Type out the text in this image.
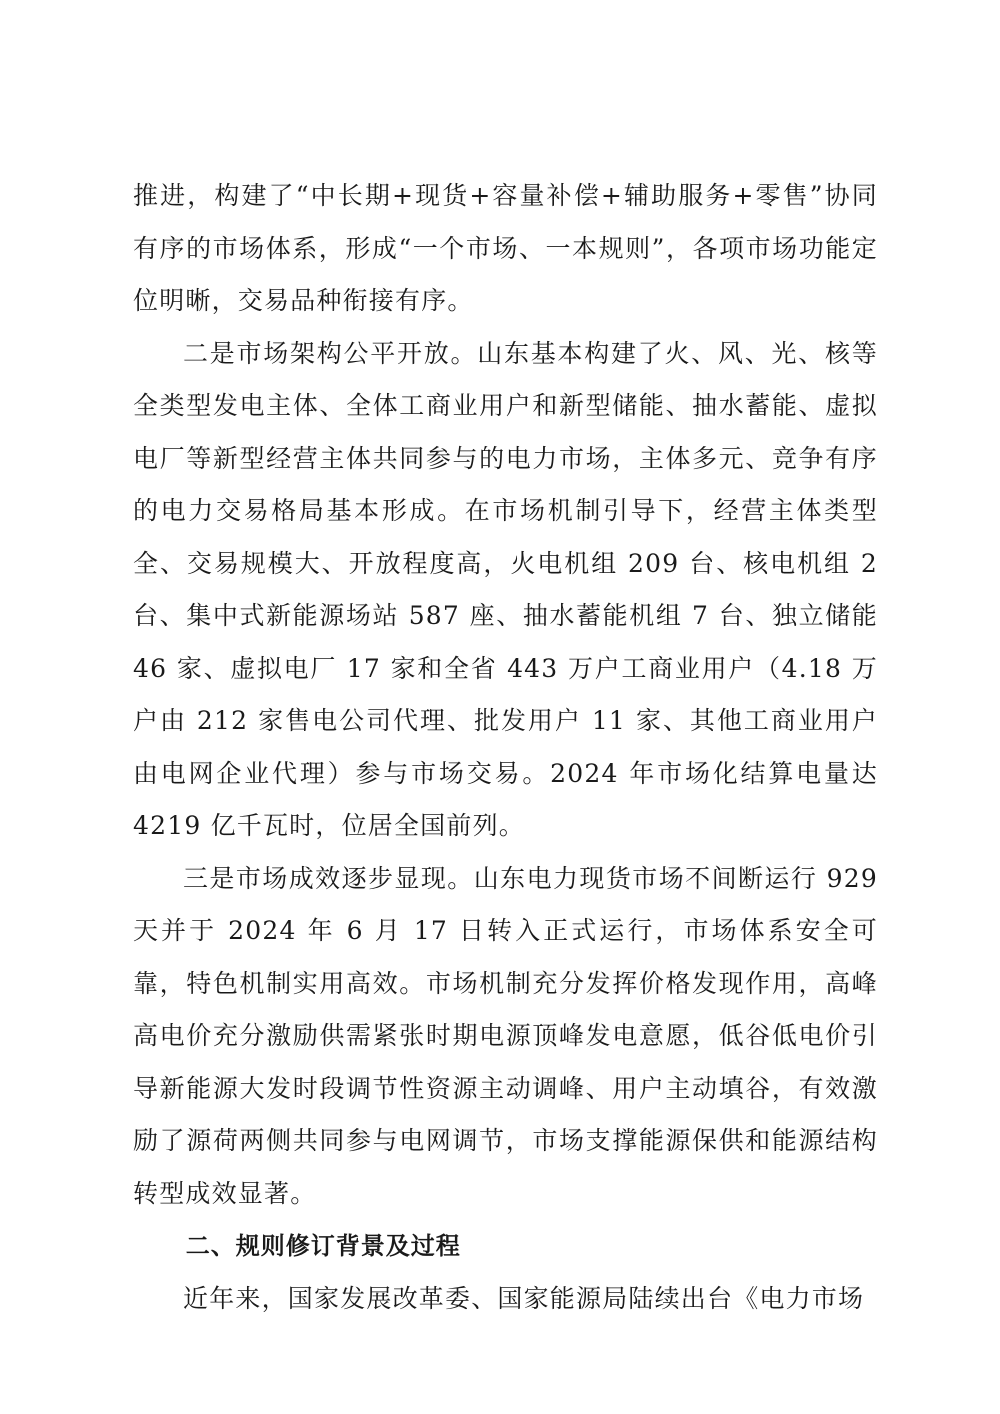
推进，构建了“中长期+现货+容量补偿+辅助服务+零售”协同有序的市场体系，形成“一个市场、一本规则”，各项市场功能定位明晰，交易品种衔接有序。

二是市场架构公平开放。山东基本构建了火、风、光、核等全类型发电主体、全体工商业用户和新型储能、抽水蓄能、虚拟电厂等新型经营主体共同参与的电力市场，主体多元、竞争有序的电力交易格局基本形成。在市场机制引导下，经营主体类型全、交易规模大、开放程度高，火电机组 209 台、核电机组 2 台、集中式新能源场站 587 座、抽水蓄能机组 7 台、独立储能 46 家、虚拟电厂 17 家和全省 443 万户工商业用户（4.18 万户由 212 家售电公司代理、批发用户 11 家、其他工商业用户由电网企业代理）参与市场交易。2024 年市场化结算电量达 4219 亿千瓦时，位居全国前列。

三是市场成效逐步显现。山东电力现货市场不间断运行 929 天并于 2024 年 6 月 17 日转入正式运行，市场体系安全可靠，特色机制实用高效。市场机制充分发挥价格发现作用，高峰高电价充分激励供需紧张时期电源顶峰发电意愿，低谷低电价引导新能源大发时段调节性资源主动调峰、用户主动填谷，有效激励了源荷两侧共同参与电网调节，市场支撑能源保供和能源结构转型成效显著。

二、规则修订背景及过程

近年来，国家发展改革委、国家能源局陆续出台《电力市场
